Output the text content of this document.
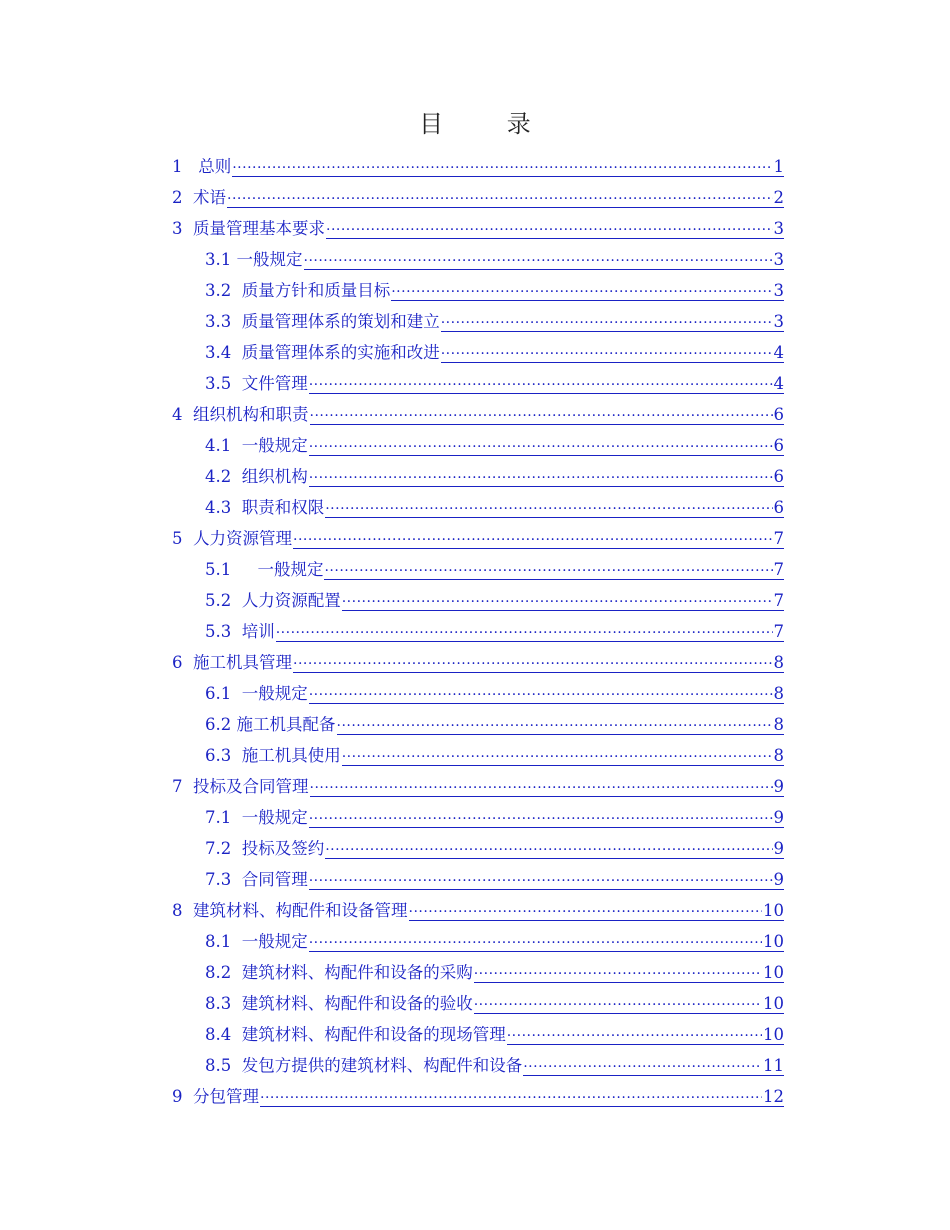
目 录
1   总则 .....	1
2  术语 .....	2
3  质量管理基本要求 .....	3
3.1 一般规定 .....	3
3.2  质量方针和质量目标 .....	3
3.3  质量管理体系的策划和建立 .....	3
3.4  质量管理体系的实施和改进 .....	4
3.5  文件管理 .....	4
4  组织机构和职责 .....	6
4.1  一般规定 .....	6
4.2  组织机构 .....	6
4.3  职责和权限 .....	6
5  人力资源管理 .....	7
5.1     一般规定 .....	7
5.2  人力资源配置 .....	7
5.3  培训 .....	7
6  施工机具管理 .....	8
6.1  一般规定 .....	8
6.2 施工机具配备 .....	8
6.3  施工机具使用 .....	8
7  投标及合同管理 .....	9
7.1  一般规定 .....	9
7.2  投标及签约 .....	9
7.3  合同管理 .....	9
8  建筑材料、构配件和设备管理 .....	10
8.1  一般规定 .....	10
8.2  建筑材料、构配件和设备的采购 .....	10
8.3  建筑材料、构配件和设备的验收 .....	10
8.4  建筑材料、构配件和设备的现场管理 .....	10
8.5  发包方提供的建筑材料、构配件和设备 .....	11
9  分包管理 .....	12
